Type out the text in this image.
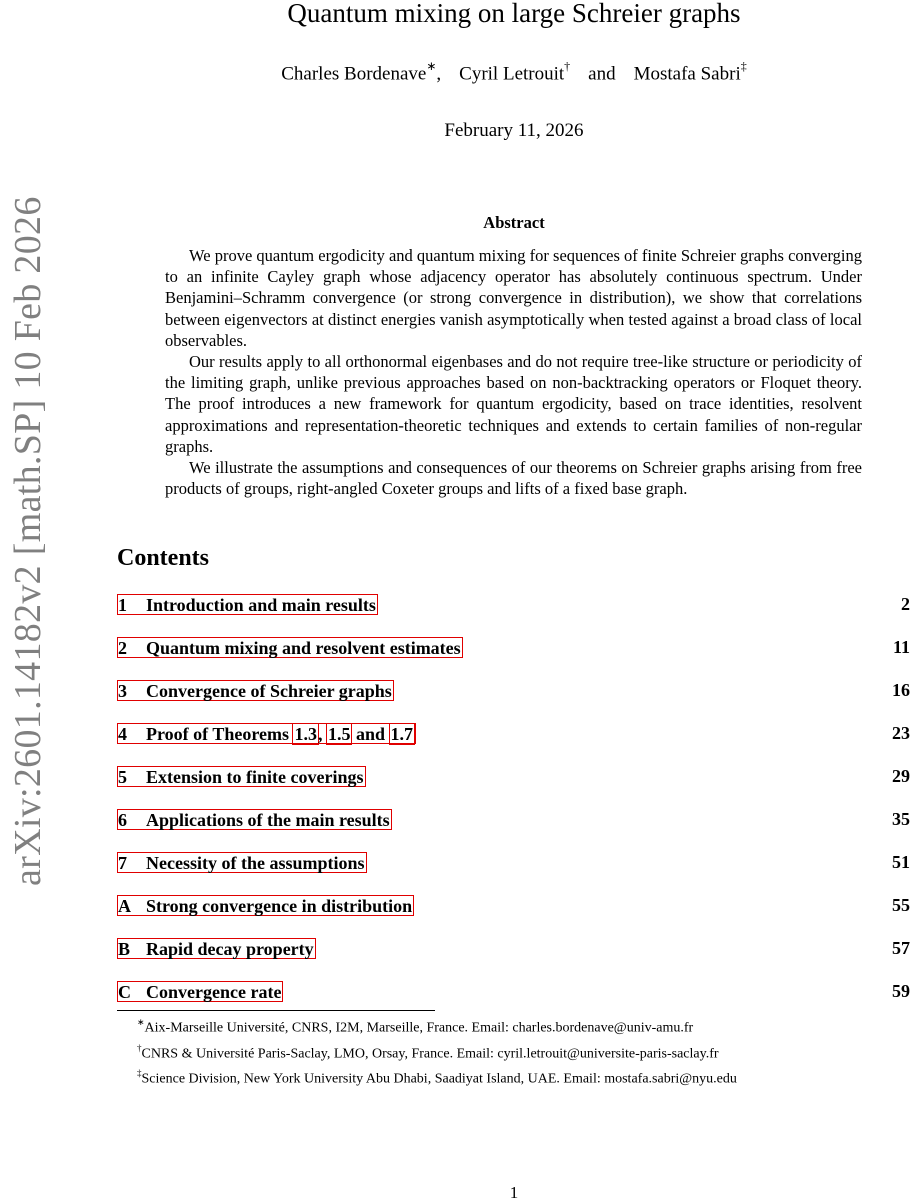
arXiv:2601.14182v2 [math.SP] 10 Feb 2026
Quantum mixing on large Schreier graphs
Charles Bordenave∗, Cyril Letrouit† and Mostafa Sabri‡
February 11, 2026
Abstract

We prove quantum ergodicity and quantum mixing for sequences of finite Schreier graphs converging to an infinite Cayley graph whose adjacency operator has absolutely continuous spectrum. Under Benjamini–Schramm convergence (or strong convergence in distribution), we show that correlations between eigenvectors at distinct energies vanish asymptotically when tested against a broad class of local observables.

Our results apply to all orthonormal eigenbases and do not require tree-like structure or periodicity of the limiting graph, unlike previous approaches based on non-backtracking operators or Floquet theory. The proof introduces a new framework for quantum ergodicity, based on trace identities, resolvent approximations and representation-theoretic techniques and extends to certain families of non-regular graphs.

We illustrate the assumptions and consequences of our theorems on Schreier graphs arising from free products of groups, right-angled Coxeter groups and lifts of a fixed base graph.

Contents
1 Introduction and main results	2
2 Quantum mixing and resolvent estimates	11
3 Convergence of Schreier graphs	16
4 Proof of Theorems 1.3, 1.5 and 1.7	23
5 Extension to finite coverings	29
6 Applications of the main results	35
7 Necessity of the assumptions	51
A Strong convergence in distribution	55
B Rapid decay property	57
C Convergence rate	59
∗Aix-Marseille Université, CNRS, I2M, Marseille, France. Email: charles.bordenave@univ-amu.fr
†CNRS & Université Paris-Saclay, LMO, Orsay, France. Email: cyril.letrouit@universite-paris-saclay.fr
‡Science Division, New York University Abu Dhabi, Saadiyat Island, UAE. Email: mostafa.sabri@nyu.edu
1
